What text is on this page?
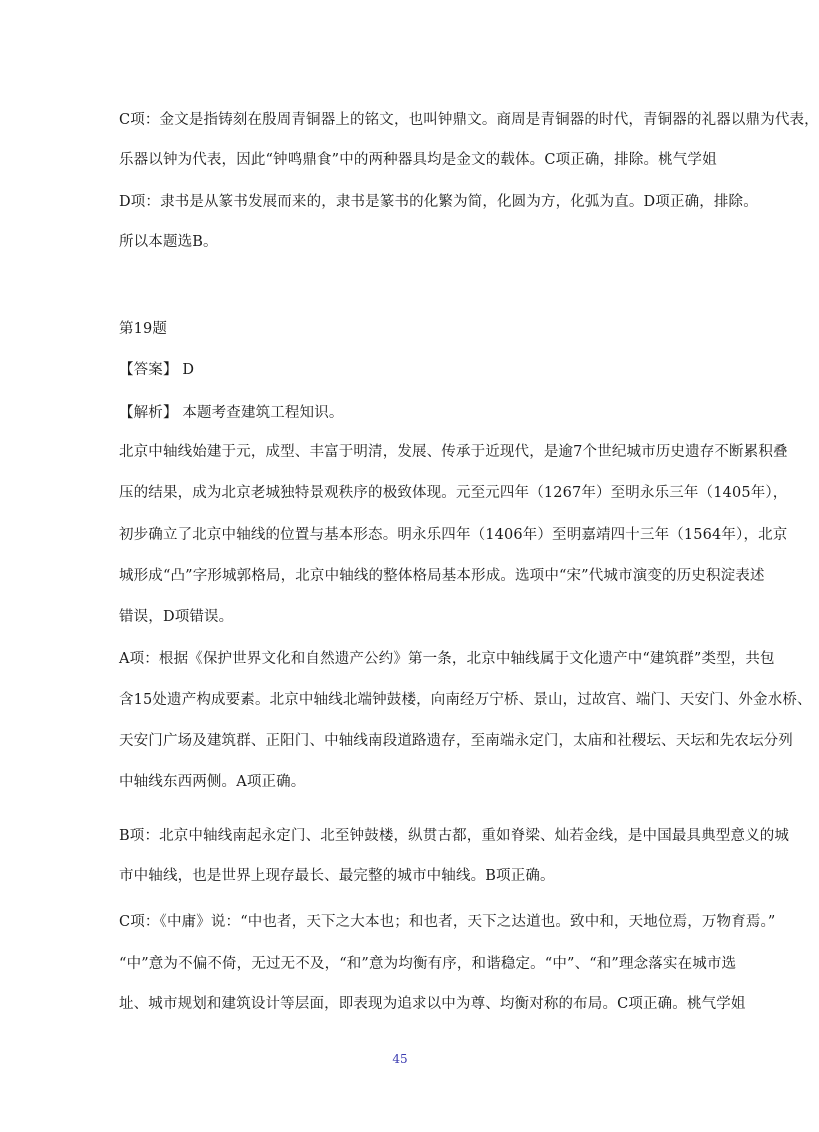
C项：金文是指铸刻在殷周青铜器上的铭文，也叫钟鼎文。商周是青铜器的时代，青铜器的礼器以鼎为代表，
乐器以钟为代表，因此“钟鸣鼎食”中的两种器具均是金文的载体。C项正确，排除。桃气学姐
D项：隶书是从篆书发展而来的，隶书是篆书的化繁为简，化圆为方，化弧为直。D项正确，排除。
所以本题选B。
第19题
【答案】 D
【解析】 本题考查建筑工程知识。
北京中轴线始建于元，成型、丰富于明清，发展、传承于近现代，是逾7个世纪城市历史遗存不断累积叠
压的结果，成为北京老城独特景观秩序的极致体现。元至元四年（1267年）至明永乐三年（1405年），
初步确立了北京中轴线的位置与基本形态。明永乐四年（1406年）至明嘉靖四十三年（1564年），北京
城形成“凸”字形城郭格局，北京中轴线的整体格局基本形成。选项中“宋”代城市演变的历史积淀表述
错误，D项错误。
A项：根据《保护世界文化和自然遗产公约》第一条，北京中轴线属于文化遗产中“建筑群”类型，共包
含15处遗产构成要素。北京中轴线北端钟鼓楼，向南经万宁桥、景山，过故宫、端门、天安门、外金水桥、
天安门广场及建筑群、正阳门、中轴线南段道路遗存，至南端永定门，太庙和社稷坛、天坛和先农坛分列
中轴线东西两侧。A项正确。
B项：北京中轴线南起永定门、北至钟鼓楼，纵贯古都，重如脊梁、灿若金线，是中国最具典型意义的城
市中轴线，也是世界上现存最长、最完整的城市中轴线。B项正确。
C项：《中庸》说：“中也者，天下之大本也；和也者，天下之达道也。致中和，天地位焉，万物育焉。”
“中”意为不偏不倚，无过无不及，“和”意为均衡有序，和谐稳定。“中”、“和”理念落实在城市选
址、城市规划和建筑设计等层面，即表现为追求以中为尊、均衡对称的布局。C项正确。桃气学姐
45
